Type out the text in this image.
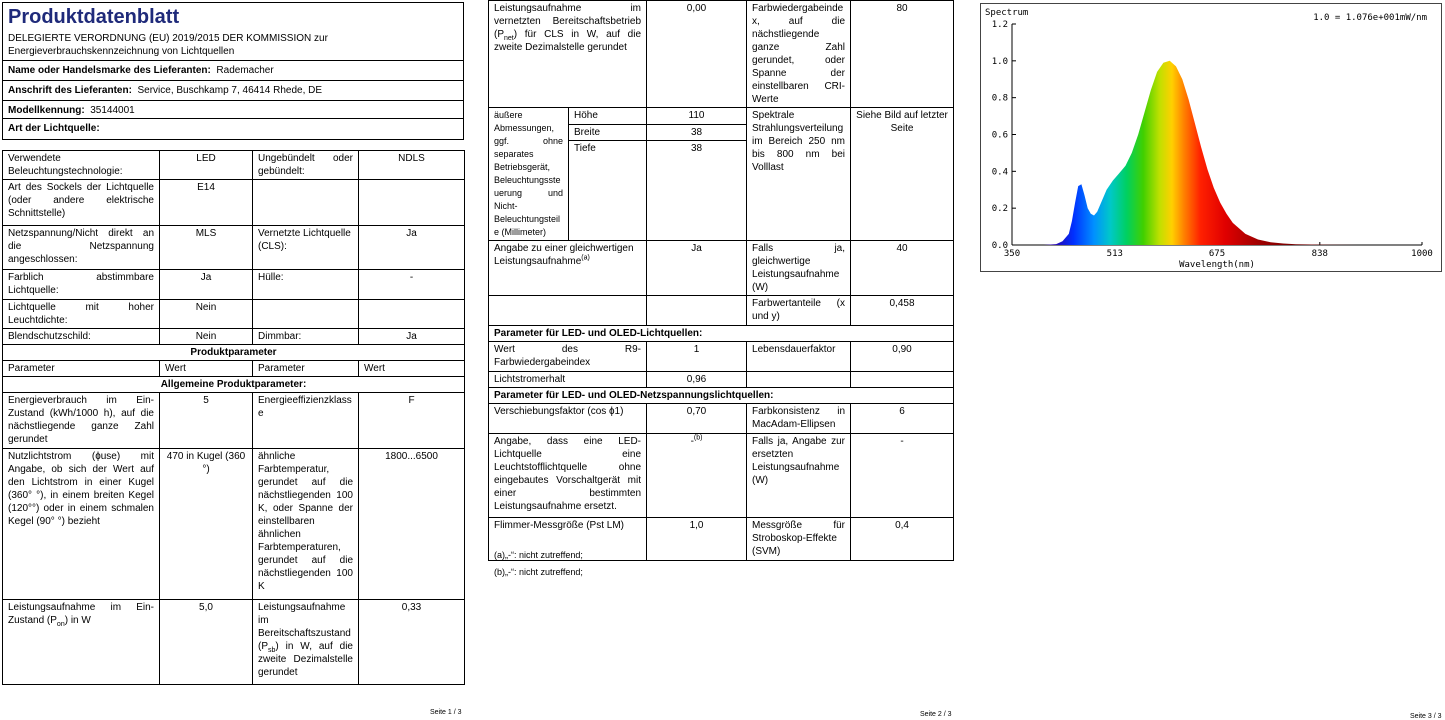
Produktdatenblatt
DELEGIERTE VERORDNUNG (EU) 2019/2015 DER KOMMISSION zur Energieverbrauchskennzeichnung von Lichtquellen
Name oder Handelsmarke des Lieferanten: Rademacher
Anschrift des Lieferanten: Service, Buschkamp 7, 46414 Rhede, DE
Modellkennung: 35144001
Art der Lichtquelle:
Verwendete Beleuchtungstechnologie:	LED	Ungebündelt oder gebündelt:	NDLS
Art des Sockels der Lichtquelle (oder andere elektrische Schnittstelle)	E14		
Netzspannung/Nicht direkt an die Netzspannung angeschlossen:	MLS	Vernetzte Lichtquelle (CLS):	Ja
Farblich abstimmbare Lichtquelle:	Ja	Hülle:	-
Lichtquelle mit hoher Leuchtdichte:	Nein		
Blendschutzschild:	Nein	Dimmbar:	Ja
Produktparameter			
Parameter	Wert	Parameter	Wert
Allgemeine Produktparameter:			
Energieverbrauch im Ein-Zustand (kWh/1000 h), auf die nächstliegende ganze Zahl gerundet	5	Energieeffizienzklasse	F
Nutzlichtstrom (ɸuse) mit Angabe, ob sich der Wert auf den Lichtstrom in einer Kugel (360° °), in einem breiten Kegel (120°°) oder in einem schmalen Kegel (90° °) bezieht	470 in Kugel (360 °)	ähnliche Farbtemperatur, gerundet auf die nächstliegenden 100 K, oder Spanne der einstellbaren ähnlichen Farbtemperaturen, gerundet auf die nächstliegenden 100 K	1800...6500
Leistungsaufnahme im Ein-Zustand $(P_{on})$ in W	5,0	Leistungsaufnahme im Bereitschaftszustand $(P_{sb})$ in W, auf die zweite Dezimalstelle gerundet	0,33
Seite 1 / 3
Leistungsaufnahme im vernetzten Bereitschaftsbetrieb $(P_{net})$ für CLS in W, auf die zweite Dezimalstelle gerundet		0,00	Farbwiedergabeindex, auf die nächstliegende ganze Zahl gerundet, oder Spanne der einstellbaren CRI-Werte	80
äußere Abmessungen, ggf. ohne separates Betriebsgerät, Beleuchtungssteuerung und Nicht-Beleuchtungsteile (Millimeter)	Höhe	110	Spektrale Strahlungsverteilung im Bereich 250 nm bis 800 nm bei Volllast	Siehe Bild auf letzter Seite
	Breite	38		
	Tiefe	38		
Angabe zu einer gleichwertigen Leistungsaufnahme$^{(a)}$		Ja	Falls ja, gleichwertige Leistungsaufnahme (W)	40
			Farbwertanteile (x und y)	0,458
Parameter für LED- und OLED-Lichtquellen:				
Wert des R9-Farbwiedergabeindex		1	Lebensdauerfaktor	0,90
Lichtstromerhalt		0,96		
Parameter für LED- und OLED-Netzspannungslichtquellen:				
Verschiebungsfaktor (cos ɸ1)		0,70	Farbkonsistenz in MacAdam-Ellipsen	6
Angabe, dass eine LED-Lichtquelle eine Leuchtstofflichtquelle ohne eingebautes Vorschaltgerät mit einer bestimmten Leistungsaufnahme ersetzt.		-$^{(b)}$	Falls ja, Angabe zur ersetzten Leistungsaufnahme (W)	-
Flimmer-Messgröße (Pst LM)		1,0	Messgröße für Stroboskop-Effekte (SVM)	0,4
(a)„-“: nicht zutreffend;
(b)„-“: nicht zutreffend;
Seite 2 / 3
Spectrum	1.0 = 1.076e+001mW/nm
0.0
0.2
0.4
0.6
0.8
1.0
1.2
350	513	675	838	1000
Wavelength(nm)
Seite 3 / 3
